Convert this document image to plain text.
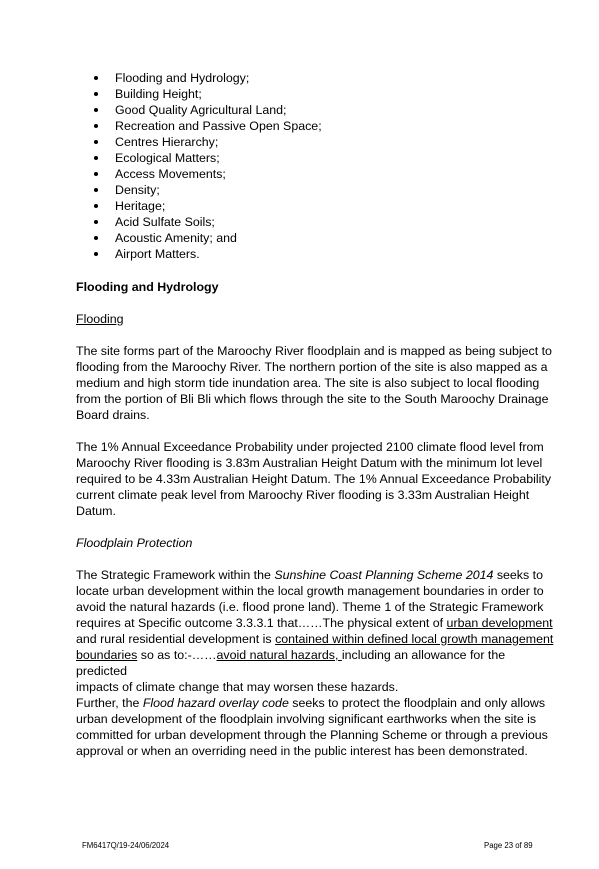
Flooding and Hydrology;
Building Height;
Good Quality Agricultural Land;
Recreation and Passive Open Space;
Centres Hierarchy;
Ecological Matters;
Access Movements;
Density;
Heritage;
Acid Sulfate Soils;
Acoustic Amenity; and
Airport Matters.
Flooding and Hydrology
Flooding
The site forms part of the Maroochy River floodplain and is mapped as being subject to
flooding from the Maroochy River. The northern portion of the site is also mapped as a
medium and high storm tide inundation area. The site is also subject to local flooding
from the portion of Bli Bli which flows through the site to the South Maroochy Drainage
Board drains.
The 1% Annual Exceedance Probability under projected 2100 climate flood level from
Maroochy River flooding is 3.83m Australian Height Datum with the minimum lot level
required to be 4.33m Australian Height Datum. The 1% Annual Exceedance Probability
current climate peak level from Maroochy River flooding is 3.33m Australian Height
Datum.
Floodplain Protection
The Strategic Framework within the Sunshine Coast Planning Scheme 2014 seeks to
locate urban development within the local growth management boundaries in order to
avoid the natural hazards (i.e. flood prone land). Theme 1 of the Strategic Framework
requires at Specific outcome 3.3.3.1 that……The physical extent of urban development
and rural residential development is contained within defined local growth management
boundaries so as to:-……avoid natural hazards, including an allowance for the predicted
impacts of climate change that may worsen these hazards.
Further, the Flood hazard overlay code seeks to protect the floodplain and only allows
urban development of the floodplain involving significant earthworks when the site is
committed for urban development through the Planning Scheme or through a previous
approval or when an overriding need in the public interest has been demonstrated.
FM6417Q/19-24/06/2024	Page 23 of 89
